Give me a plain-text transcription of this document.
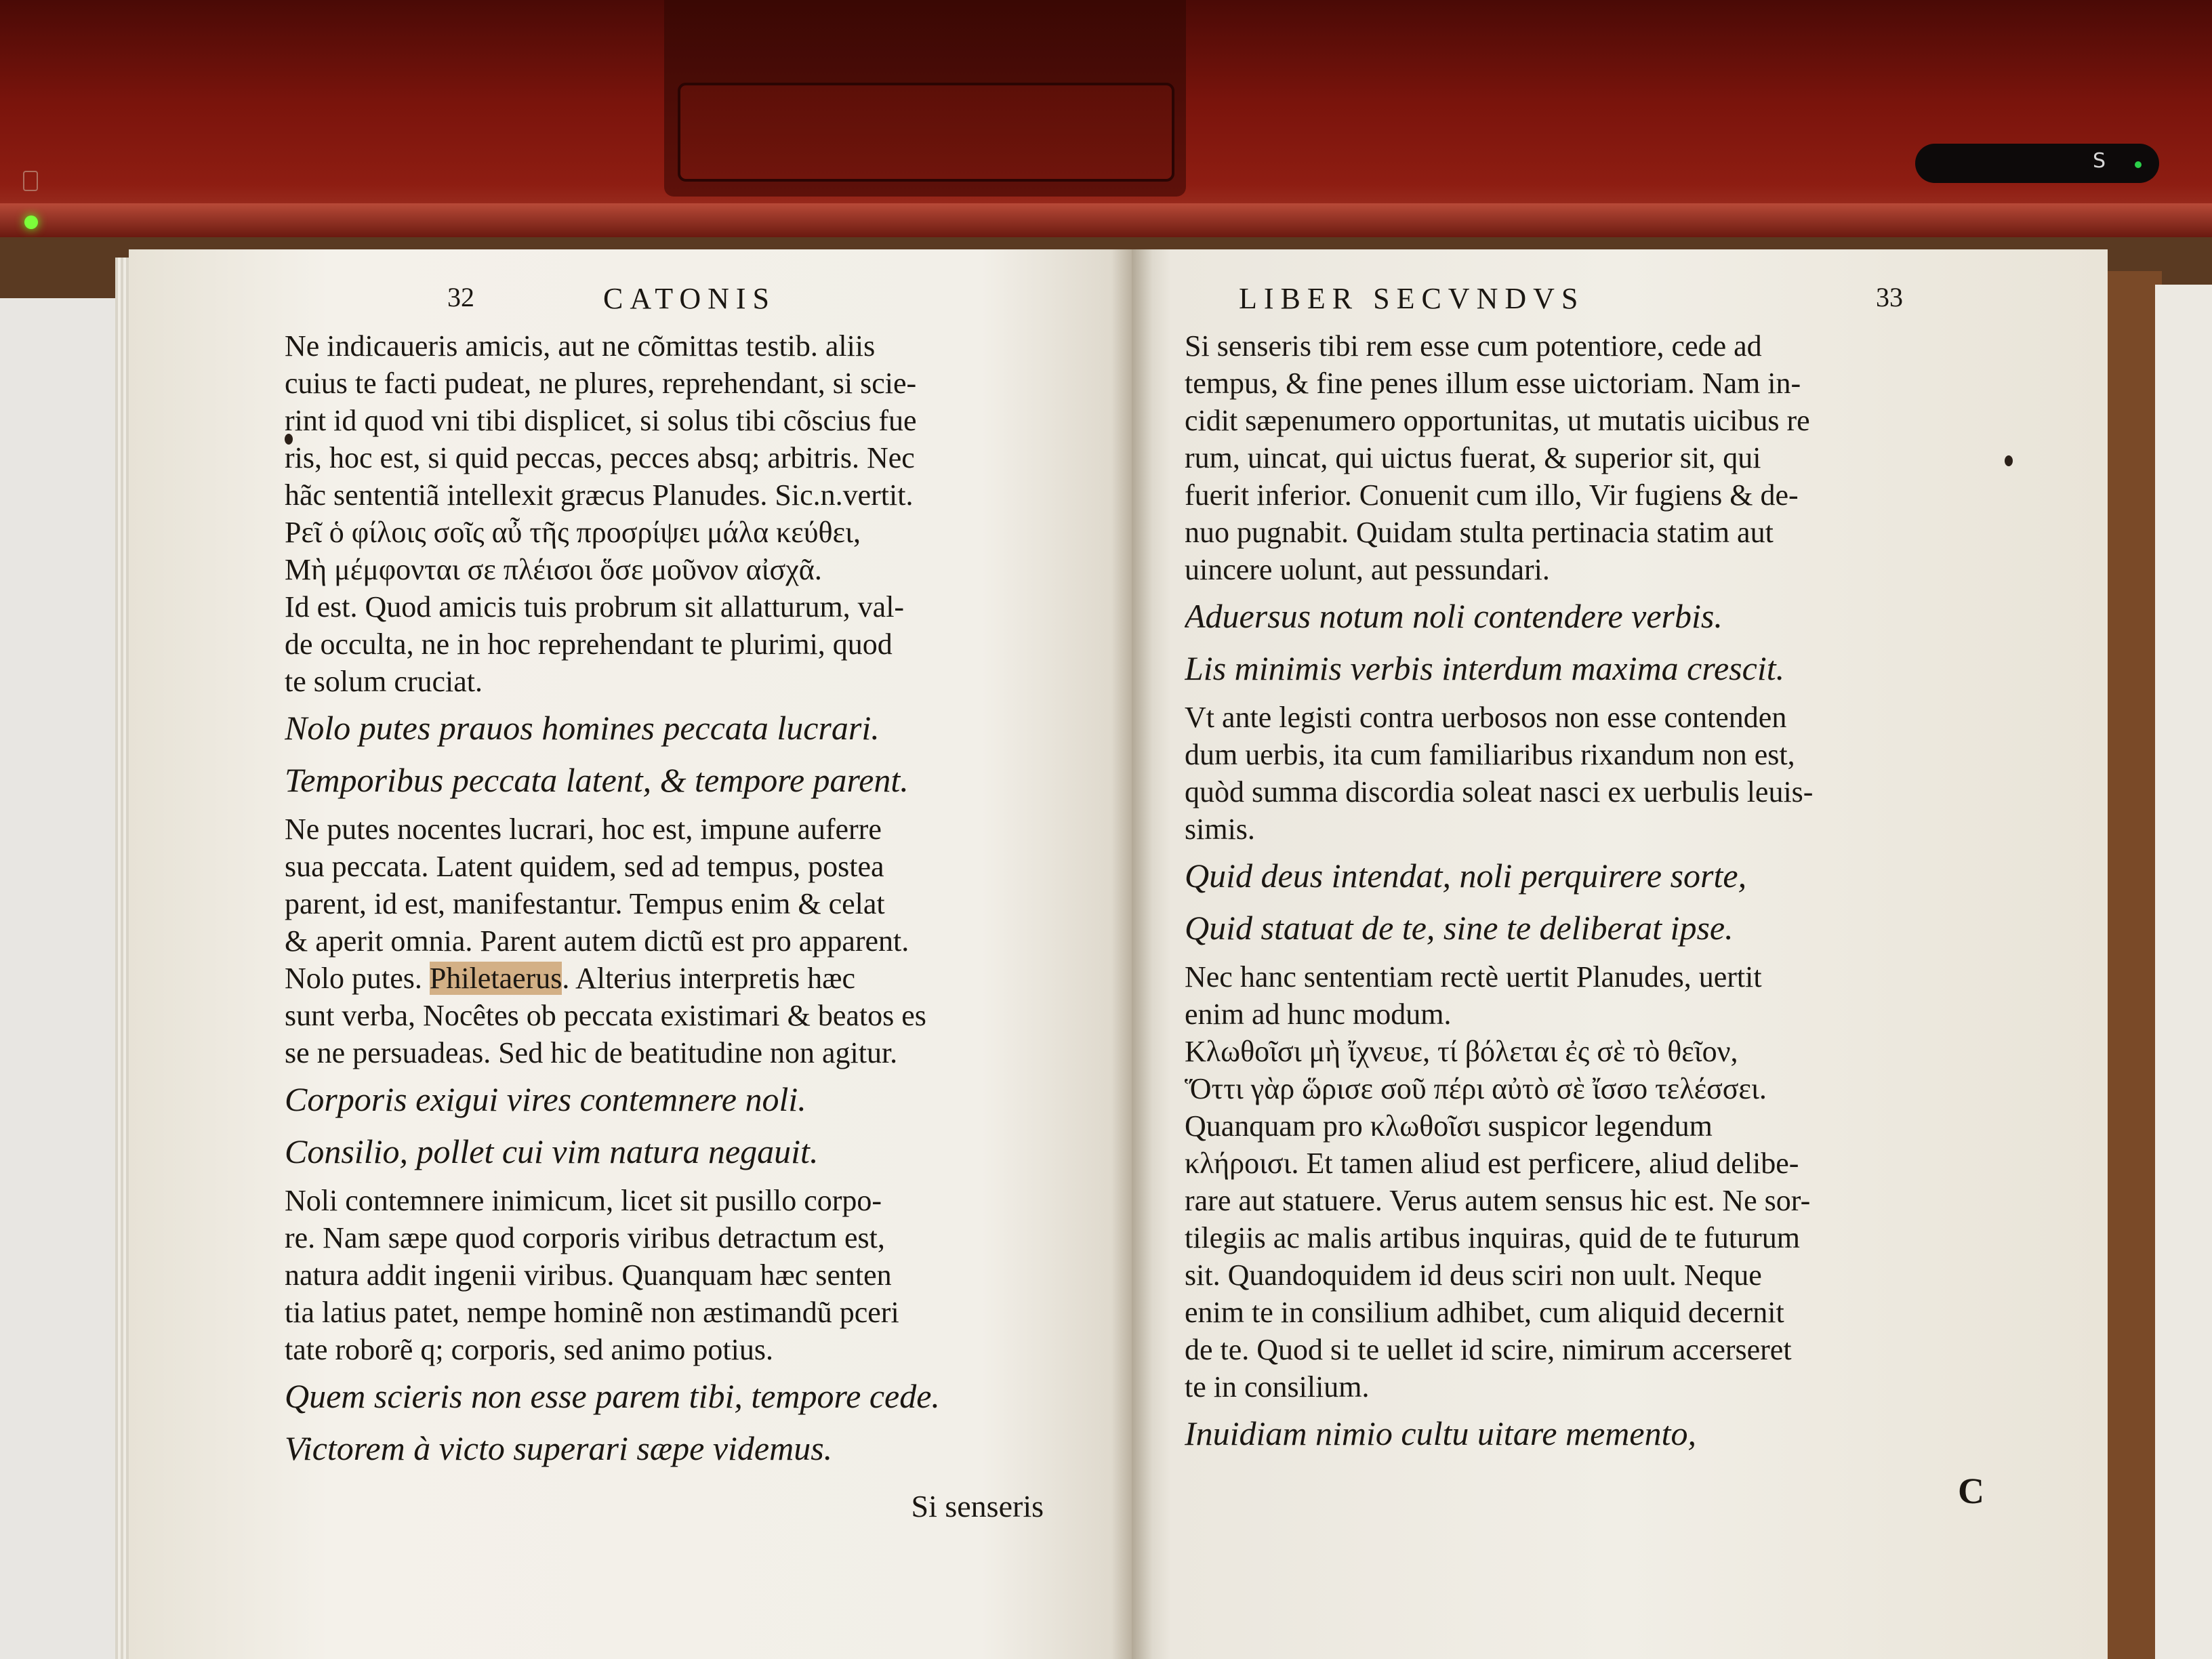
S
32	CATONIS

Ne indicaueris amicis, aut ne cõmittas testib. aliis

cuius te facti pudeat, ne plures, reprehendant, si scie-

rint id quod vni tibi displicet, si solus tibi cõscius fue

ris, hoc est, si quid peccas, pecces absq; arbitris. Nec

hãc sententiã intellexit græcus Planudes. Sic.n.vertit.

Ρεῖ ὁ φίλοις σοῖς αὖ τῆς προσρίψει μάλα κεύθει,

Μὴ μέμφονται σε πλέισοι ὅσε μοῦνον αἰσχᾶ.

Id est. Quod amicis tuis probrum sit allatturum, val-

de occulta, ne in hoc reprehendant te plurimi, quod

te solum cruciat.

Nolo putes prauos homines peccata lucrari.

Temporibus peccata latent, & tempore parent.

Ne putes nocentes lucrari, hoc est, impune auferre

sua peccata. Latent quidem, sed ad tempus, postea

parent, id est, manifestantur. Tempus enim & celat

& aperit omnia. Parent autem dictũ est pro apparent.

Nolo putes. Philetaerus. Alterius interpretis hæc

sunt verba, Nocêtes ob peccata existimari & beatos es

se ne persuadeas. Sed hic de beatitudine non agitur.

Corporis exigui vires contemnere noli.

Consilio, pollet cui vim natura negauit.

Noli contemnere inimicum, licet sit pusillo corpo-

re. Nam sæpe quod corporis viribus detractum est,

natura addit ingenii viribus. Quanquam hæc senten

tia latius patet, nempe hominẽ non æstimandũ pceri

tate roborẽ q; corporis, sed animo potius.

Quem scieris non esse parem tibi, tempore cede.

Victorem à victo superari sæpe videmus.

Si senseris
LIBER SECVNDVS	33

Si senseris tibi rem esse cum potentiore, cede ad

tempus, & fine penes illum esse uictoriam. Nam in-

cidit sæpenumero opportunitas, ut mutatis uicibus re

rum, uincat, qui uictus fuerat, & superior sit, qui

fuerit inferior. Conuenit cum illo, Vir fugiens & de-

nuo pugnabit. Quidam stulta pertinacia statim aut

uincere uolunt, aut pessundari.

Aduersus notum noli contendere verbis.

Lis minimis verbis interdum maxima crescit.

Vt ante legisti contra uerbosos non esse contenden

dum uerbis, ita cum familiaribus rixandum non est,

quòd summa discordia soleat nasci ex uerbulis leuis-

simis.

Quid deus intendat, noli perquirere sorte,

Quid statuat de te, sine te deliberat ipse.

Nec hanc sententiam rectè uertit Planudes, uertit

enim ad hunc modum.

Κλωθοῖσι μὴ ἴχνευε, τί βόλεται ἐς σὲ τὸ θεῖον,

Ὅττι γὰρ ὥρισε σοῦ πέρι αὐτὸ σὲ ἴσσο τελέσσει.

Quanquam pro κλωθοῖσι suspicor legendum

κλήροισι. Et tamen aliud est perficere, aliud delibe-

rare aut statuere. Verus autem sensus hic est. Ne sor-

tilegiis ac malis artibus inquiras, quid de te futurum

sit. Quandoquidem id deus sciri non uult. Neque

enim te in consilium adhibet, cum aliquid decernit

de te. Quod si te uellet id scire, nimirum accerseret

te in consilium.

Inuidiam nimio cultu uitare memento,

C
